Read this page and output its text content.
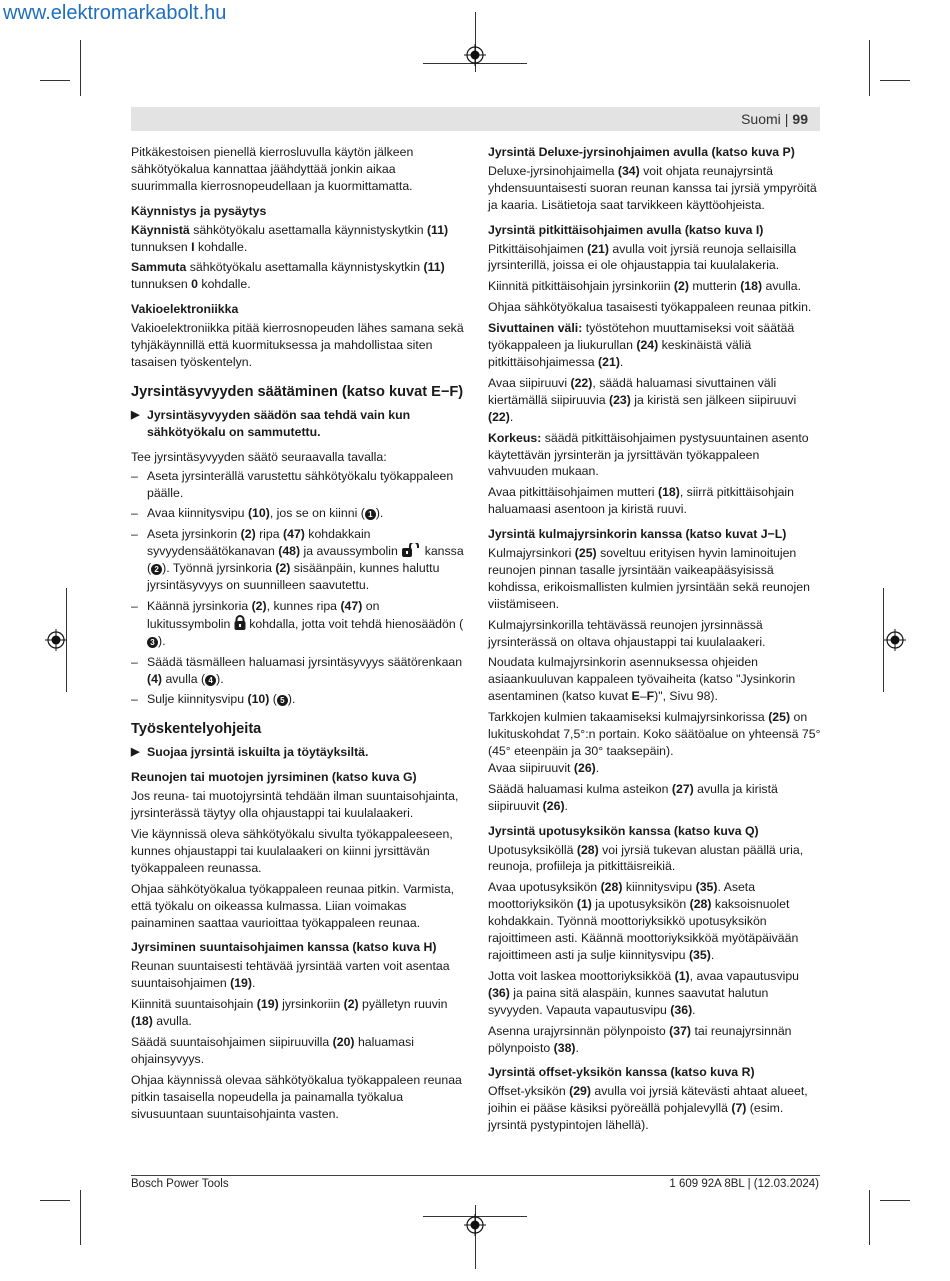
www.elektromarkabolt.hu
Suomi | 99

Pitkäkestoisen pienellä kierrosluvulla käytön jälkeen sähkötyökalua kannattaa jäähdyttää jonkin aikaa suurimmalla kierrosnopeudellaan ja kuormittamatta.

Käynnistys ja pysäytys

Käynnistä sähkötyökalu asettamalla käynnistyskytkin (11) tunnuksen I kohdalle.

Sammuta sähkötyökalu asettamalla käynnistyskytkin (11) tunnuksen 0 kohdalle.

Vakioelektroniikka

Vakioelektroniikka pitää kierrosnopeuden lähes samana sekä tyhjäkäynnillä että kuormituksessa ja mahdollistaa siten tasaisen työskentelyn.

Jyrsintäsyvyyden säätäminen (katso kuvat E−F)
▶ Jyrsintäsyvyyden säädön saa tehdä vain kun sähkötyökalu on sammutettu.

Tee jyrsintäsyvyyden säätö seuraavalla tavalla:

– Aseta jyrsinterällä varustettu sähkötyökalu työkappaleen päälle.
– Avaa kiinnitysvipu (10), jos se on kiinni ( 1 ).
– Aseta jyrsinkorin (2) ripa (47) kohdakkain syvyydensäätökanavan (48) ja avaussymbolin  kanssa ( 2 ). Työnnä jyrsinkoria (2) sisäänpäin, kunnes haluttu jyrsintäsyvyys on suunnilleen saavutettu.
– Käännä jyrsinkoria (2), kunnes ripa (47) on lukitussymbolin  kohdalla, jotta voit tehdä hienosäädön (3 ).
– Säädä täsmälleen haluamasi jyrsintäsyvyys säätörenkaan (4) avulla ( 4 ).
– Sulje kiinnitysvipu (10) ( 5 ).
Työskentelyohjeita
▶ Suojaa jyrsintä iskuilta ja töytäyksiltä.
Reunojen tai muotojen jyrsiminen (katso kuva G)

Jos reuna- tai muotojyrsintä tehdään ilman suuntaisohjainta, jyrsinterässä täytyy olla ohjaustappi tai kuulalaakeri.

Vie käynnissä oleva sähkötyökalu sivulta työkappaleeseen, kunnes ohjaustappi tai kuulalaakeri on kiinni jyrsittävän työkappaleen reunassa.

Ohjaa sähkötyökalua työkappaleen reunaa pitkin. Varmista, että työkalu on oikeassa kulmassa. Liian voimakas painaminen saattaa vaurioittaa työkappaleen reunaa.

Jyrsiminen suuntaisohjaimen kanssa (katso kuva H)

Reunan suuntaisesti tehtävää jyrsintää varten voit asentaa suuntaisohjaimen (19).

Kiinnitä suuntaisohjain (19) jyrsinkoriin (2) pyälletyn ruuvin (18) avulla.

Säädä suuntaisohjaimen siipiruuvilla (20) haluamasi ohjainsyvyys.

Ohjaa käynnissä olevaa sähkötyökalua työkappaleen reunaa pitkin tasaisella nopeudella ja painamalla työkalua sivusuuntaan suuntaisohjainta vasten.

Jyrsintä Deluxe-jyrsinohjaimen avulla (katso kuva P)

Deluxe-jyrsinohjaimella (34) voit ohjata reunajyrsintä yhdensuuntaisesti suoran reunan kanssa tai jyrsiä ympyröitä ja kaaria. Lisätietoja saat tarvikkeen käyttöohjeista.

Jyrsintä pitkittäisohjaimen avulla (katso kuva I)

Pitkittäisohjaimen (21) avulla voit jyrsiä reunoja sellaisilla jyrsinterillä, joissa ei ole ohjaustappia tai kuulalakeria.

Kiinnitä pitkittäisohjain jyrsinkoriin (2) mutterin (18) avulla.

Ohjaa sähkötyökalua tasaisesti työkappaleen reunaa pitkin.

Sivuttainen väli: työstötehon muuttamiseksi voit säätää työkappaleen ja liukurullan (24) keskinäistä väliä pitkittäisohjaimessa (21).

Avaa siipiruuvi (22), säädä haluamasi sivuttainen väli kiertämällä siipiruuvia (23) ja kiristä sen jälkeen siipiruuvi (22).

Korkeus: säädä pitkittäisohjaimen pystysuuntainen asento käytettävän jyrsinterän ja jyrsittävän työkappaleen vahvuuden mukaan.

Avaa pitkittäisohjaimen mutteri (18), siirrä pitkittäisohjain haluamaasi asentoon ja kiristä ruuvi.

Jyrsintä kulmajyrsinkorin kanssa (katso kuvat J−L)

Kulmajyrsinkori (25) soveltuu erityisen hyvin laminoitujen reunojen pinnan tasalle jyrsintään vaikeapääsyisissä kohdissa, erikoismallisten kulmien jyrsintään sekä reunojen viistämiseen.

Kulmajyrsinkorilla tehtävässä reunojen jyrsinnässä jyrsinterässä on oltava ohjaustappi tai kuulalaakeri.

Noudata kulmajyrsinkorin asennuksessa ohjeiden asiaankuuluvan kappaleen työvaiheita (katso "Jysinkorin asentaminen (katso kuvat E–F)", Sivu 98).

Tarkkojen kulmien takaamiseksi kulmajyrsinkorissa (25) on lukituskohdat 7,5°:n portain. Koko säätöalue on yhteensä 75° (45° eteenpäin ja 30° taaksepäin).

Avaa siipiruuvit (26).

Säädä haluamasi kulma asteikon (27) avulla ja kiristä siipiruuvit (26).

Jyrsintä upotusyksikön kanssa (katso kuva Q)

Upotusyksiköllä (28) voi jyrsiä tukevan alustan päällä uria, reunoja, profiileja ja pitkittäisreikiä.

Avaa upotusyksikön (28) kiinnitysvipu (35). Aseta moottoriyksikön (1) ja upotusyksikön (28) kaksoisnuolet kohdakkain. Työnnä moottoriyksikkö upotusyksikön rajoittimeen asti. Käännä moottoriyksikköä myötäpäivään rajoittimeen asti ja sulje kiinnitysvipu (35).

Jotta voit laskea moottoriyksikköä (1), avaa vapautusvipu (36) ja paina sitä alaspäin, kunnes saavutat halutun syvyyden. Vapauta vapautusvipu (36).

Asenna urajyrsinnän pölynpoisto (37) tai reunajyrsinnän pölynpoisto (38).

Jyrsintä offset-yksikön kanssa (katso kuva R)

Offset-yksikön (29) avulla voi jyrsiä kätevästi ahtaat alueet, joihin ei pääse käsiksi pyöreällä pohjalevyllä (7) (esim. jyrsintä pystypintojen lähellä).

Bosch Power Tools	1 609 92A 8BL | (12.03.2024)
